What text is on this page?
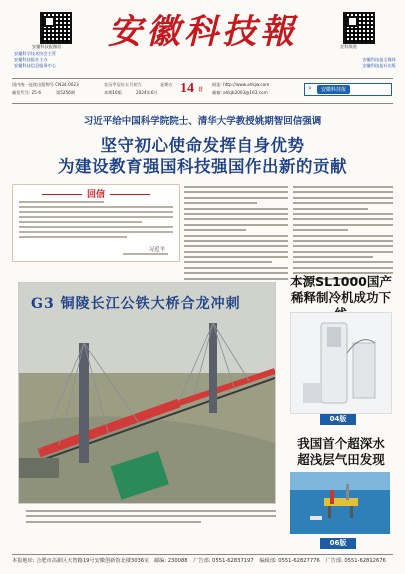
安徽科技报微信
安徽科学技术协会主管
安徽科技报社主办
安徽科技信息服务中心
安徽科技報	农科频道
安徽科技报全媒体
安徽科技报社出版
国内统一连续出版物号 CN34-0023
邮发代号: 25-6	第5256期
农历甲辰年五月初九	星期五
本期16版	2024年6月	14 日
网址: http://www.ahkjw.com
邮箱: ahkjb2003@163.com
⌕	安徽科技报
习近平给中国科学院院士、清华大学教授姚期智回信强调
坚守初心使命发挥自身优势
为建设教育强国科技强国作出新的贡献
回信
习近平
G3 铜陵长江公铁大桥合龙冲刺
本源SL1000国产
稀释制冷机成功下
04版
我国首个超深水
超浅层气田发现
06版
本报地址: 合肥市高新区天智路19号安徽创新馆北楼3036室 邮编: 230088 广告部: 0551-62837197 编辑部: 0551-62827776 广告部: 0551-62812676
